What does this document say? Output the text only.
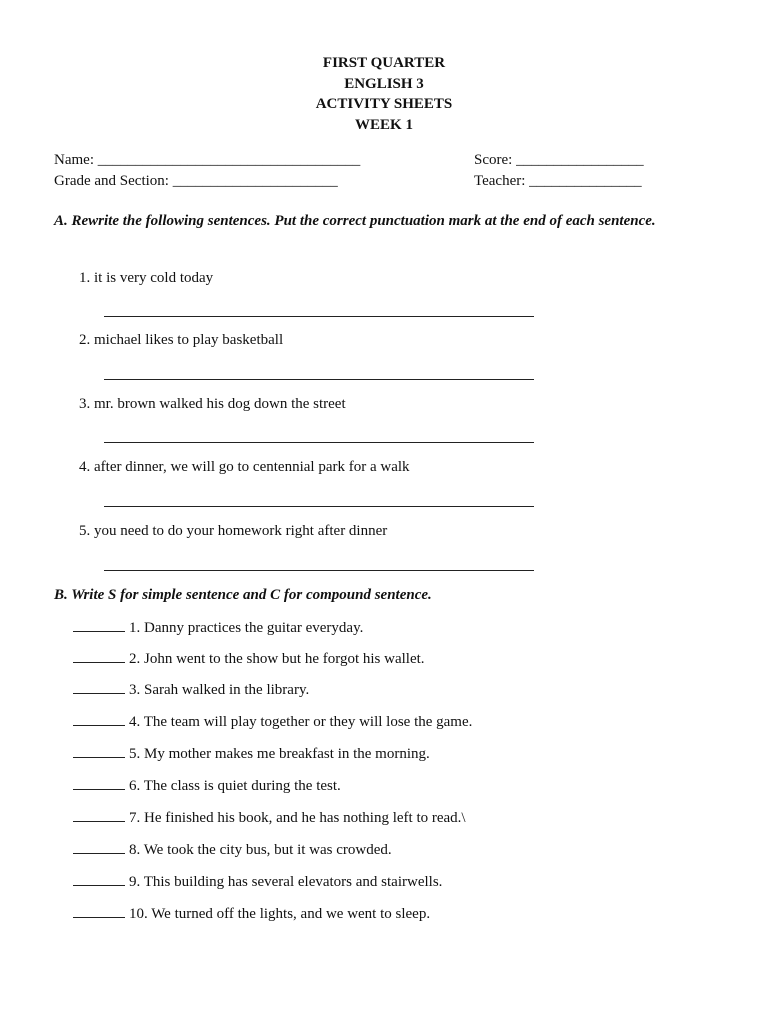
FIRST QUARTER
ENGLISH 3
ACTIVITY SHEETS
WEEK 1
Name: ___________________________________	Score: _________________
Grade and Section: ______________________	Teacher: _______________
A. Rewrite the following sentences. Put the correct punctuation mark at the end of each sentence.
1. it is very cold today
2. michael likes to play basketball
3. mr. brown walked his dog down the street
4. after dinner, we will go to centennial park for a walk
5. you need to do your homework right after dinner
B. Write S for simple sentence and C for compound sentence.
1. Danny practices the guitar everyday.
2. John went to the show but he forgot his wallet.
3. Sarah walked in the library.
4. The team will play together or they will lose the game.
5. My mother makes me breakfast in the morning.
6. The class is quiet during the test.
7. He finished his book, and he has nothing left to read.\
8. We took the city bus, but it was crowded.
9. This building has several elevators and stairwells.
10. We turned off the lights, and we went to sleep.
